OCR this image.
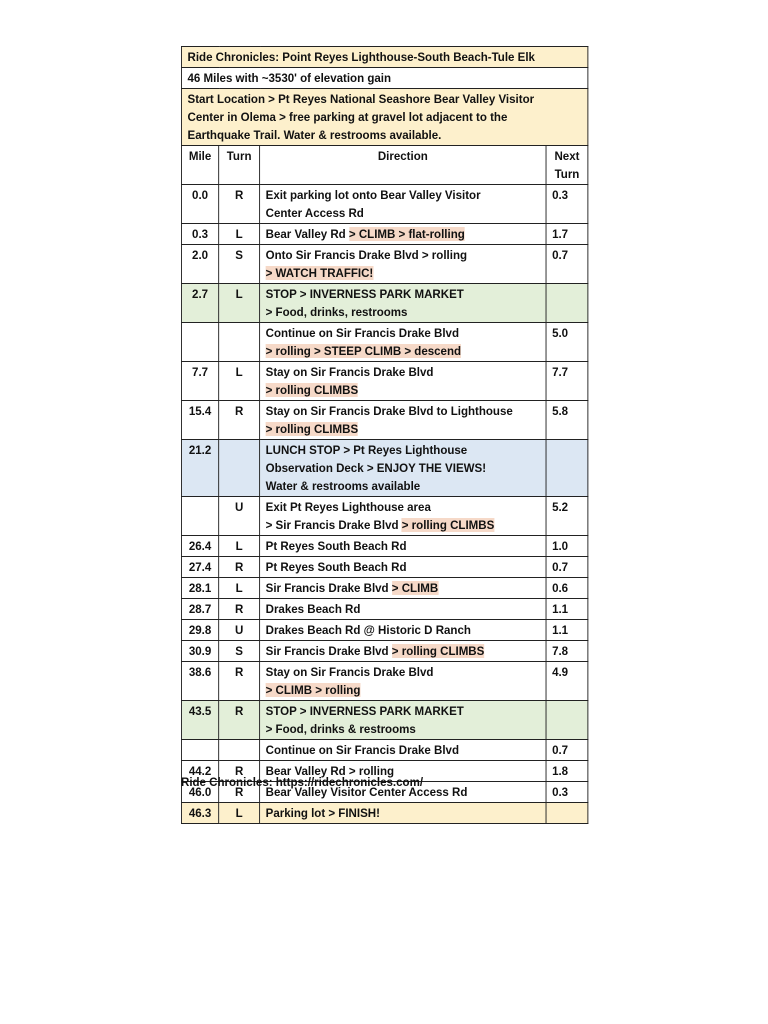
Ride Chronicles: Point Reyes Lighthouse-South Beach-Tule Elk			
46 Miles with ~3530' of elevation gain			

Start Location > Pt Reyes National Seashore Bear Valley Visitor
Center in Olema > free parking at gravel lot adjacent to the
Earthquake Trail. Water & restrooms available.			

Mile	Turn	Direction	Next
Turn

0.0	R	Exit parking lot onto Bear Valley Visitor
Center Access Rd	0.3
0.3	L	Bear Valley Rd > CLIMB > flat-rolling	1.7
2.0	S	Onto Sir Francis Drake Blvd > rolling
> WATCH TRAFFIC!	0.7
2.7	L	STOP > INVERNESS PARK MARKET
> Food, drinks, restrooms	

		Continue on Sir Francis Drake Blvd
> rolling > STEEP CLIMB > descend	5.0
7.7	L	Stay on Sir Francis Drake Blvd
> rolling CLIMBS	7.7
15.4	R	Stay on Sir Francis Drake Blvd to Lighthouse
> rolling CLIMBS	5.8
21.2		LUNCH STOP > Pt Reyes Lighthouse
Observation Deck > ENJOY THE VIEWS!
Water & restrooms available	

	U	Exit Pt Reyes Lighthouse area
> Sir Francis Drake Blvd > rolling CLIMBS	5.2
26.4	L	Pt Reyes South Beach Rd	1.0
27.4	R	Pt Reyes South Beach Rd	0.7
28.1	L	Sir Francis Drake Blvd > CLIMB	0.6
28.7	R	Drakes Beach Rd	1.1
29.8	U	Drakes Beach Rd @ Historic D Ranch	1.1
30.9	S	Sir Francis Drake Blvd > rolling CLIMBS	7.8
38.6	R	Stay on Sir Francis Drake Blvd
> CLIMB > rolling	4.9
43.5	R	STOP > INVERNESS PARK MARKET
> Food, drinks & restrooms	

		Continue on Sir Francis Drake Blvd	0.7
44.2	R	Bear Valley Rd > rolling	1.8
46.0	R	Bear Valley Visitor Center Access Rd	0.3
46.3	L	Parking lot > FINISH!	

Ride Chronicles: https://ridechronicles.com/
